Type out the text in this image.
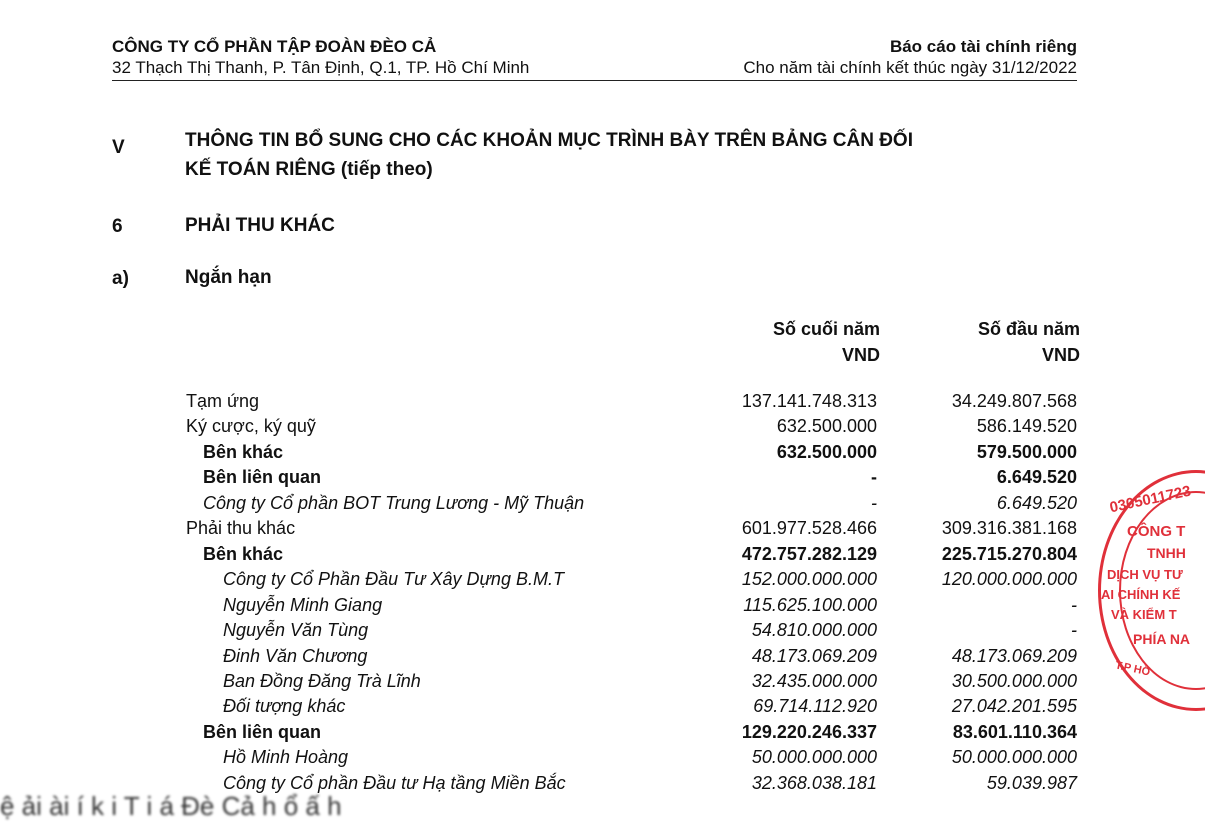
CÔNG TY CỔ PHẦN TẬP ĐOÀN ĐÈO CẢ
32 Thạch Thị Thanh, P. Tân Định, Q.1, TP. Hồ Chí Minh
Báo cáo tài chính riêng
Cho năm tài chính kết thúc ngày 31/12/2022
V	THÔNG TIN BỔ SUNG CHO CÁC KHOẢN MỤC TRÌNH BÀY TRÊN BẢNG CÂN ĐỐI
KẾ TOÁN RIÊNG (tiếp theo)
6	PHẢI THU KHÁC
a)	Ngắn hạn
Số cuối năm
VND
Số đầu năm
VND
Tạm ứng	137.141.748.313	34.249.807.568
Ký cược, ký quỹ	632.500.000	586.149.520
Bên khác	632.500.000	579.500.000
Bên liên quan	-	6.649.520
Công ty Cổ phần BOT Trung Lương - Mỹ Thuận	-	6.649.520
Phải thu khác	601.977.528.466	309.316.381.168
Bên khác	472.757.282.129	225.715.270.804
Công ty Cổ Phần Đầu Tư Xây Dựng B.M.T	152.000.000.000	120.000.000.000
Nguyễn Minh Giang	115.625.100.000	-
Nguyễn Văn Tùng	54.810.000.000	-
Đinh Văn Chương	48.173.069.209	48.173.069.209
Ban Đồng Đăng Trà Lĩnh	32.435.000.000	30.500.000.000
Đối tượng khác	69.714.112.920	27.042.201.595
Bên liên quan	129.220.246.337	83.601.110.364
Hồ Minh Hoàng	50.000.000.000	50.000.000.000
Công ty Cổ phần Đầu tư Hạ tầng Miền Bắc	32.368.038.181	59.039.987
0305011723
CÔNG T
TNHH
DỊCH VỤ TƯ
AI CHÍNH KẾ
VÀ KIỂM T
PHÍA NA
T.P HỒ
ệ ải ài í k i T i á Đè Cả h ổ ấ h
